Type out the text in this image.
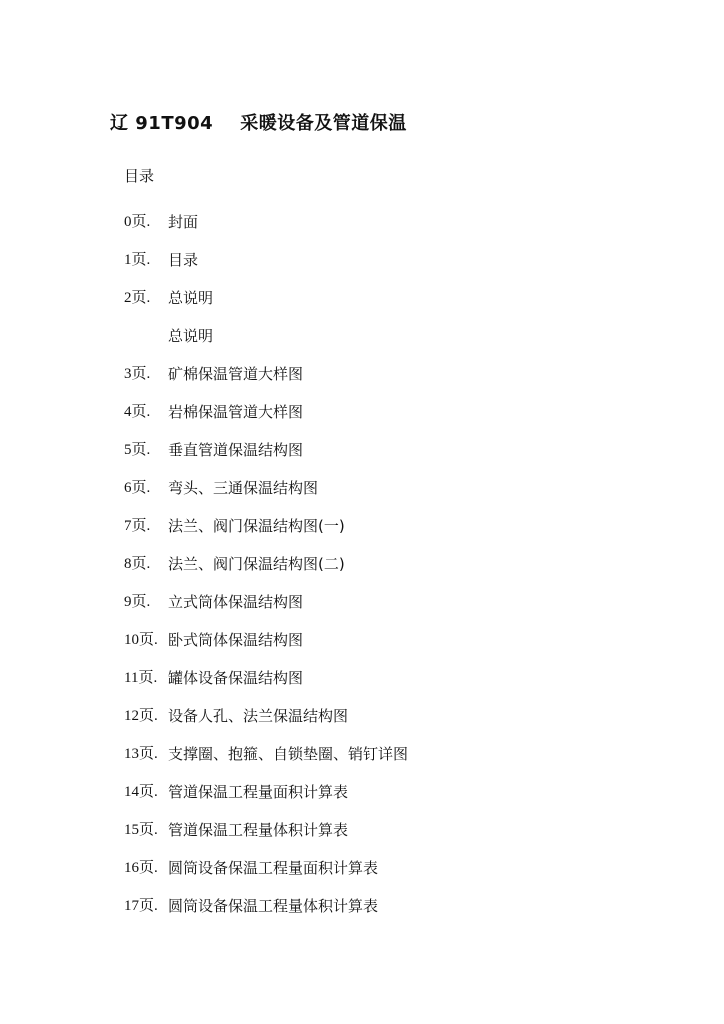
辽 91T904    采暖设备及管道保温
目录
0页.	封面
1页.	目录
2页.	总说明
总说明
3页.	矿棉保温管道大样图
4页.	岩棉保温管道大样图
5页.	垂直管道保温结构图
6页.	弯头、三通保温结构图
7页.	法兰、阀门保温结构图(一)
8页.	法兰、阀门保温结构图(二)
9页.	立式筒体保温结构图
10页. 卧式筒体保温结构图
11页. 罐体设备保温结构图
12页. 设备人孔、法兰保温结构图
13页. 支撑圈、抱箍、自锁垫圈、销钉详图
14页. 管道保温工程量面积计算表
15页. 管道保温工程量体积计算表
16页. 圆筒设备保温工程量面积计算表
17页. 圆筒设备保温工程量体积计算表
